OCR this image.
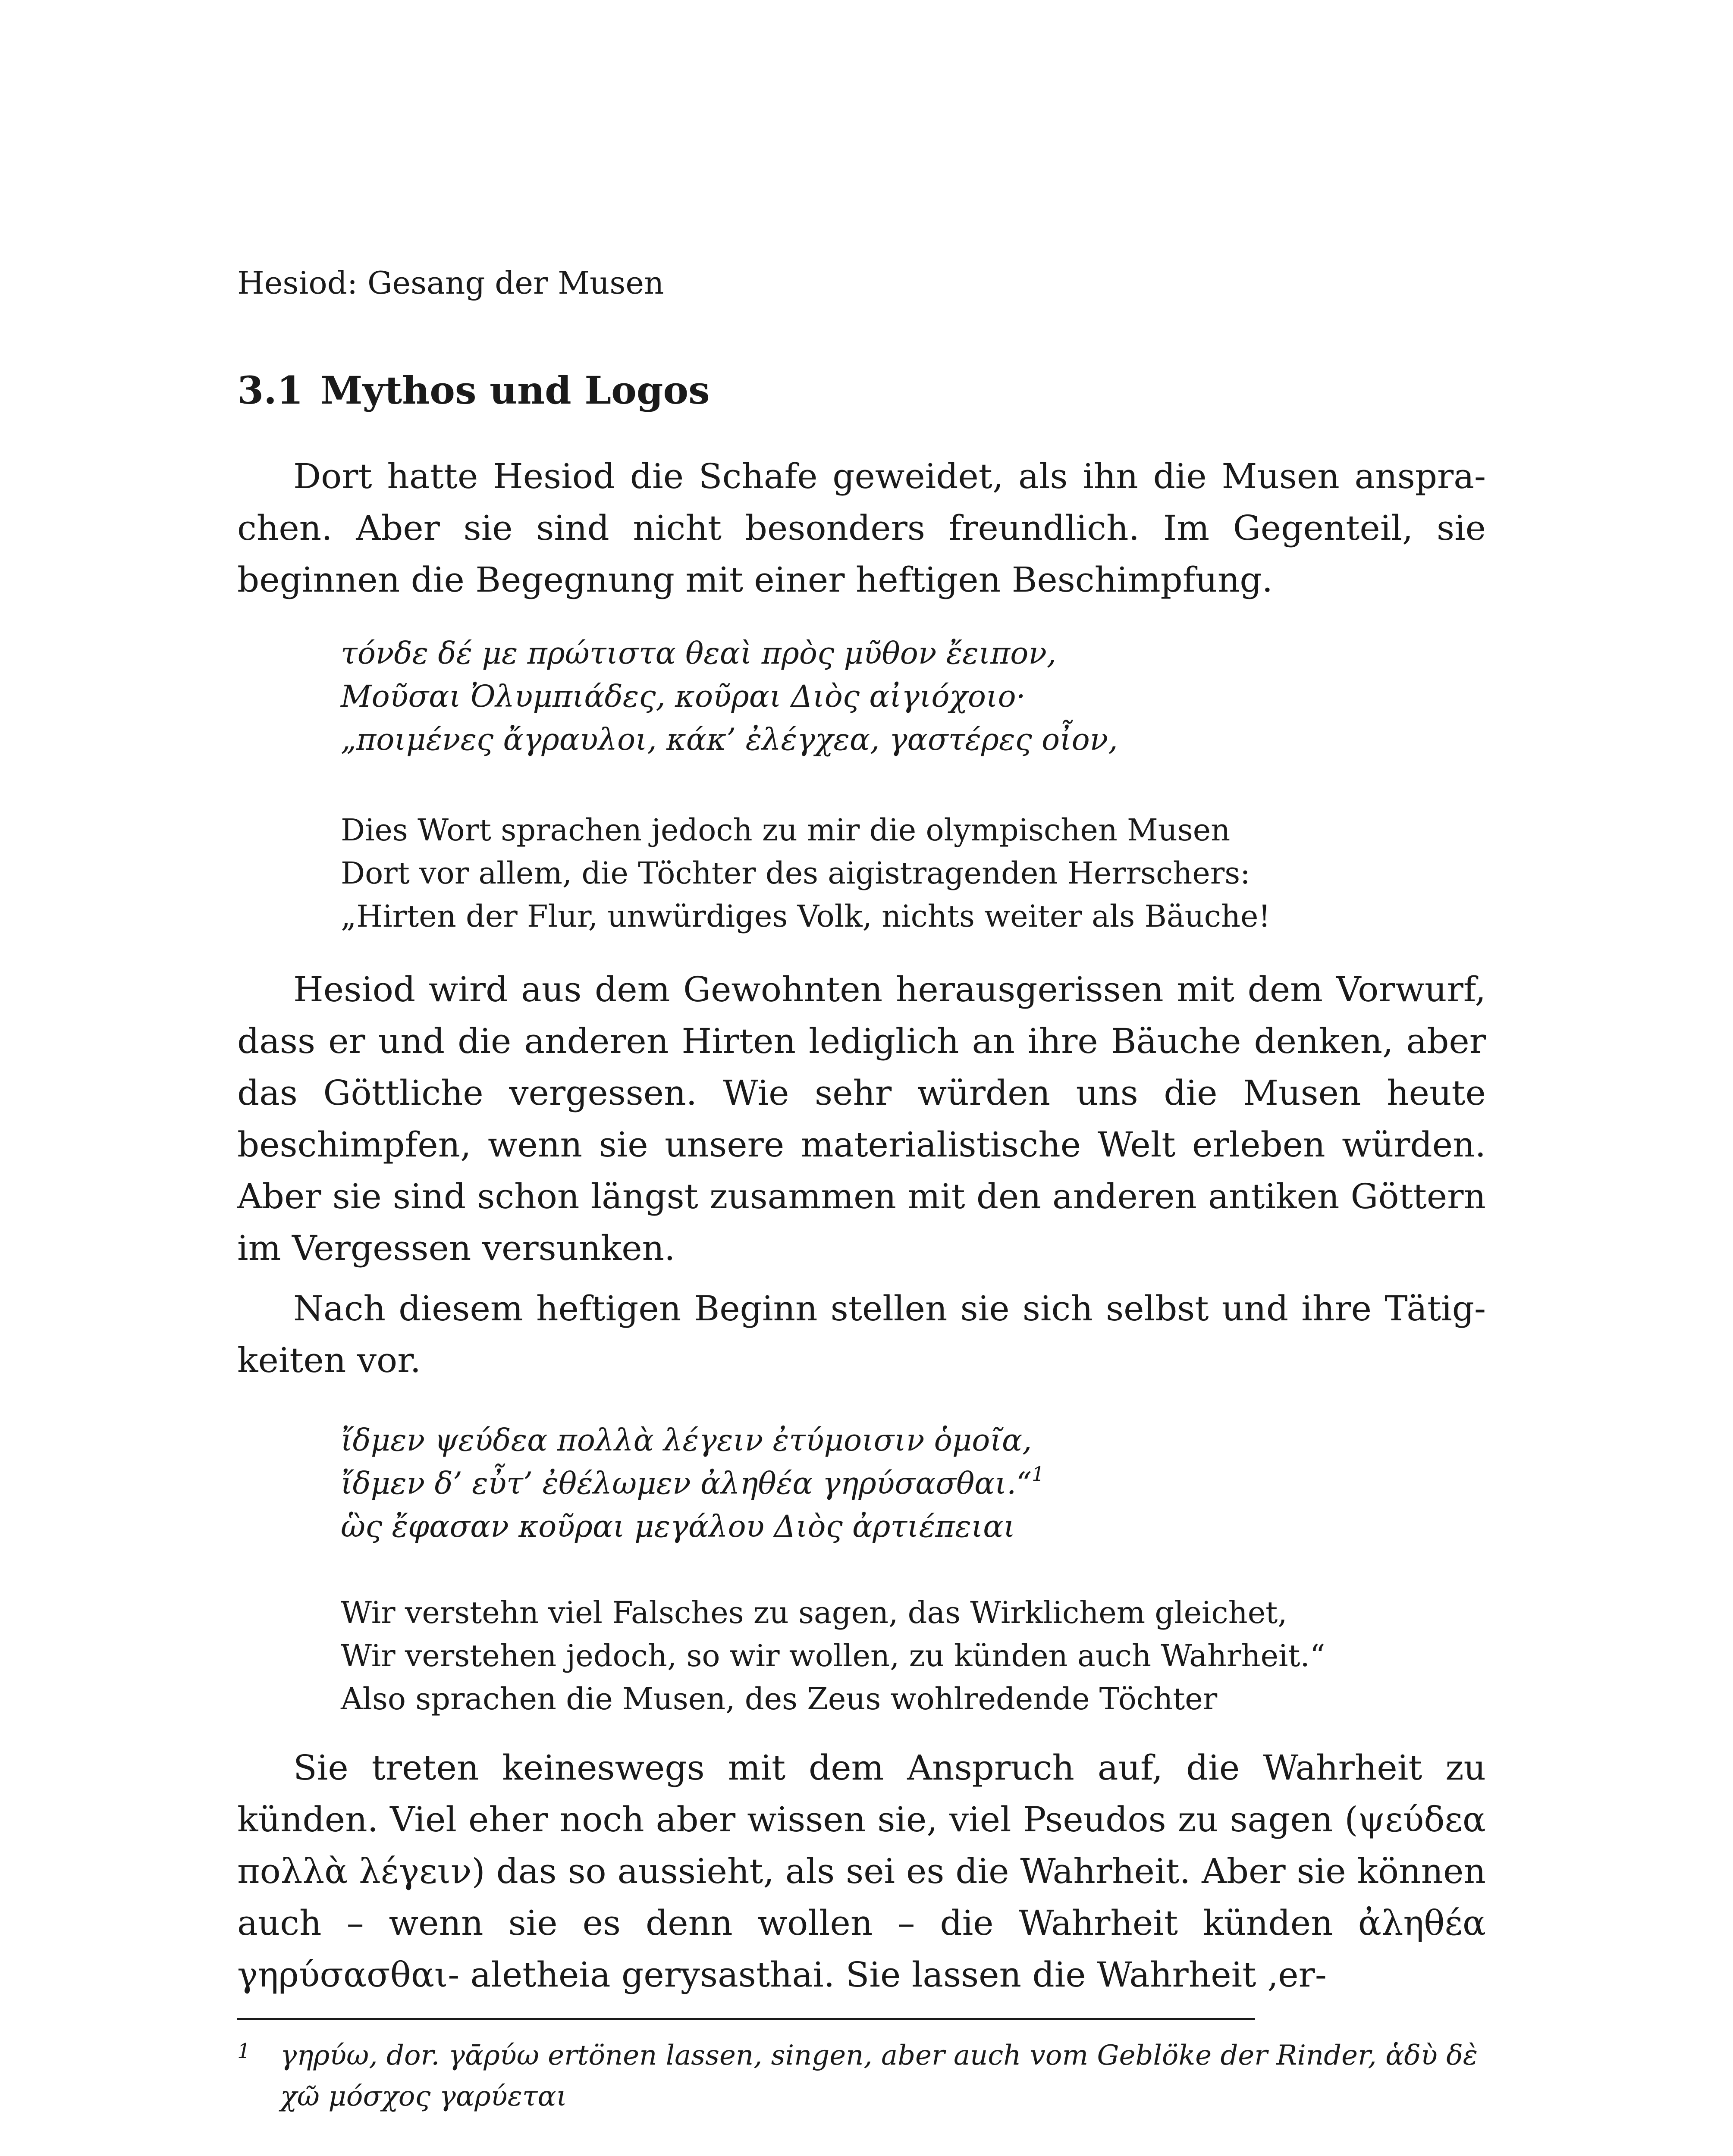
Hesiod: Gesang der Musen
3.1 Mythos und Logos

Dort hatte Hesiod die Schafe geweidet, als ihn die Musen ansprachen. Aber sie sind nicht besonders freundlich. Im Gegenteil, sie beginnen die Begegnung mit einer heftigen Beschimpfung.

τόνδε δέ με πρώτιστα θεαὶ πρὸς μῦθον ἔειπον,
Μοῦσαι Ὀλυμπιάδες, κοῦραι Διὸς αἰγιόχοιο·
„ποιμένες ἄγραυλοι, κάκ’ ἐλέγχεα, γαστέρες οἶον,
Dies Wort sprachen jedoch zu mir die olympischen Musen
Dort vor allem, die Töchter des aigistragenden Herrschers:
„Hirten der Flur, unwürdiges Volk, nichts weiter als Bäuche!

Hesiod wird aus dem Gewohnten herausgerissen mit dem Vorwurf, dass er und die anderen Hirten lediglich an ihre Bäuche denken, aber das Göttliche vergessen. Wie sehr würden uns die Musen heute beschimpfen, wenn sie unsere materialistische Welt erleben würden. Aber sie sind schon längst zusammen mit den anderen antiken Göttern im Vergessen versunken.

Nach diesem heftigen Beginn stellen sie sich selbst und ihre Tätigkeiten vor.

ἴδμεν ψεύδεα πολλὰ λέγειν ἐτύμοισιν ὁμοῖα,
ἴδμεν δ’ εὖτ’ ἐθέλωμεν ἀληθέα γηρύσασθαι.“$^1$
ὣς ἔφασαν κοῦραι μεγάλου Διὸς ἀρτιέπειαι
Wir verstehn viel Falsches zu sagen, das Wirklichem gleichet,
Wir verstehen jedoch, so wir wollen, zu künden auch Wahrheit.“
Also sprachen die Musen, des Zeus wohlredende Töchter

Sie treten keineswegs mit dem Anspruch auf, die Wahrheit zu künden. Viel eher noch aber wissen sie, viel Pseudos zu sagen (ψεύδεα πολλὰ λέγειν) das so aussieht, als sei es die Wahrheit. Aber sie können auch – wenn sie es denn wollen – die Wahrheit künden ἀληθέα γηρύσασθαι- aletheia gerysasthai. Sie lassen die Wahrheit ‚er-

1	γηρύω, dor. γᾱρύω ertönen lassen, singen, aber auch vom Geblöke der Rinder, ἁδὺ δὲ χῶ μόσχος γαρύεται
